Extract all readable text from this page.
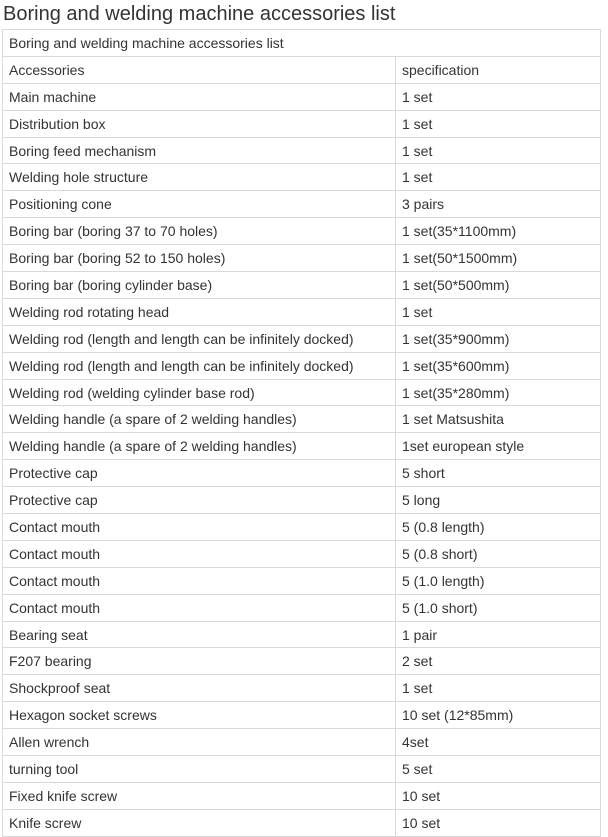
Boring and welding machine accessories list
Boring and welding machine accessories list	
Accessories	specification
Main machine	1 set
Distribution box	1 set
Boring feed mechanism	1 set
Welding hole structure	1 set
Positioning cone	3 pairs
Boring bar (boring 37 to 70 holes)	1 set(35*1100mm)
Boring bar (boring 52 to 150 holes)	1 set(50*1500mm)
Boring bar (boring cylinder base)	1 set(50*500mm)
Welding rod rotating head	1 set
Welding rod (length and length can be infinitely docked)	1 set(35*900mm)
Welding rod (length and length can be infinitely docked)	1 set(35*600mm)
Welding rod (welding cylinder base rod)	1 set(35*280mm)
Welding handle (a spare of 2 welding handles)	1 set Matsushita
Welding handle (a spare of 2 welding handles)	1set european style
Protective cap	5 short
Protective cap	5 long
Contact mouth	5 (0.8 length)
Contact mouth	5 (0.8 short)
Contact mouth	5 (1.0 length)
Contact mouth	5 (1.0 short)
Bearing seat	1 pair
F207 bearing	2 set
Shockproof seat	1 set
Hexagon socket screws	10 set (12*85mm)
Allen wrench	4set
turning tool	5 set
Fixed knife screw	10 set
Knife screw	10 set
